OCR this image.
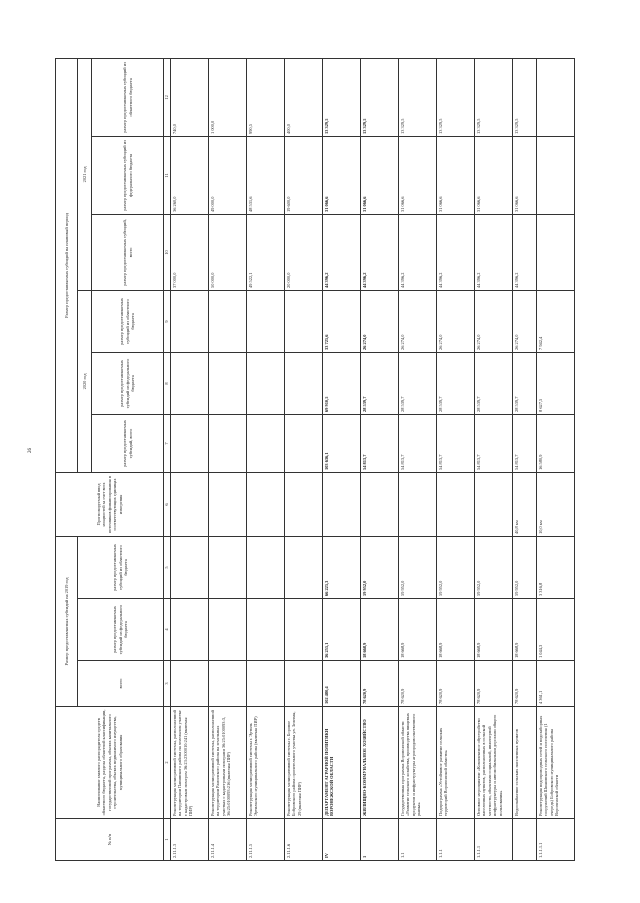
26
№ п/п	Наименование главного распорядителя средств областного бюджета, раздела областной классификации, государственной программы, объекта капитального строительства, объекта недвижимого имущества, муниципального образования	Размер предоставляемых субсидий на 2019 год			Прогнозируемый ввод мощностей за счет всех источников финансирования в соответствующих единицах измерения	Размер предоставляемых субсидий на плановый период					
		всего	размер предоставляемых субсидий из федерального бюджета	размер предоставляемых субсидий из областного бюджета		2020 год			2021 год		
						размер предоставляемых субсидий, всего	размер предоставляемых субсидий из федерального бюджета	размер предоставляемых субсидий из областного бюджета	размер предоставляемых субсидий, всего	размер предоставляемых субсидий из федерального бюджета	размер предоставляемых субсидий из областного бюджета
1	2	3	4	5	6	7	8	9	10	11	12
2.11.1.3	Реконструкция мелиоративной системы, расположенной на территории Панинского района на земельном участке с кадастровым номером 36:23:2300010:241 (включая ПИР)								37 000,0	36 260,0	740,0
2.11.1.4	Реконструкция мелиоративной системы, расположенной на территории Рамонского района на земельных участках с кадастровыми номерами 36:25:0100093:3, 36:25:0100093:216 (включая ПИР)								50 000,0	49 000,0	1 000,0
2.11.1.5	Реконструкция мелиоративной системы г. Эртиль Эртильского муниципального района (включая ПИР)								49 522,1	48 531,6	990,5
2.11.1.6	Реконструкция мелиоративной системы с. Боровое Бобровского района оросительного участка ул. Зеленая, 29 (включая ПИР)								20 000,0	19 600,0	400,0
IV	ДЕПАРТАМЕНТ АГРАРНОЙ ПОЛИТИКИ ВОРОНЕЖСКОЙ ОБЛАСТИ	102 480,4	36 255,1	66 225,3		103 636,1	69 910,5	33 725,6	44 396,2	31 066,6	13 329,5
1	ЖИЛИЩНО-КОММУНАЛЬНОЕ ХОЗЯЙСТВО	78 620,9	18 668,9	59 952,0		54 813,7	28 539,7	26 274,0	44 396,2	31 066,6	13 329,5
1.1	Государственная программа Воронежской области «Развитие сельского хозяйства, производства пищевых продуктов и инфраструктуры агропродовольственного рынка»	78 620,9	18 668,9	59 952,0		54 813,7	28 539,7	26 274,0	44 396,2	31 066,6	13 329,5
1.1.1	Подпрограмма «Устойчивое развитие сельских территорий Воронежской области»	78 620,9	18 668,9	59 952,0		54 813,7	28 539,7	26 274,0	44 396,2	31 066,6	13 329,5
1.1.1.1	Основное мероприятие «Комплексное обустройство населенных пунктов, расположенных в сельской местности, объектами социальной, инженерной инфраструктуры и автомобильными дорогами общего пользования»	78 620,9	18 668,9	59 952,0		54 813,7	28 539,7	26 274,0	44 396,2	31 066,6	13 329,5
	Водоснабжение сельских населенных пунктов	78 620,9	18 668,9	59 952,0	40,8 км	54 813,7	28 539,7	26 274,0	44 396,2	31 066,6	13 329,5
1.1.1.1.1	Реконструкция водопроводных сетей и водозаборных сооружений Шишовского сельского поселения (1 очередь) Бобровского муниципального района Воронежской области	4 361,1	1 044,3	3 316,8	10,0 км	16 580,9	8 627,5	7 942,4			
